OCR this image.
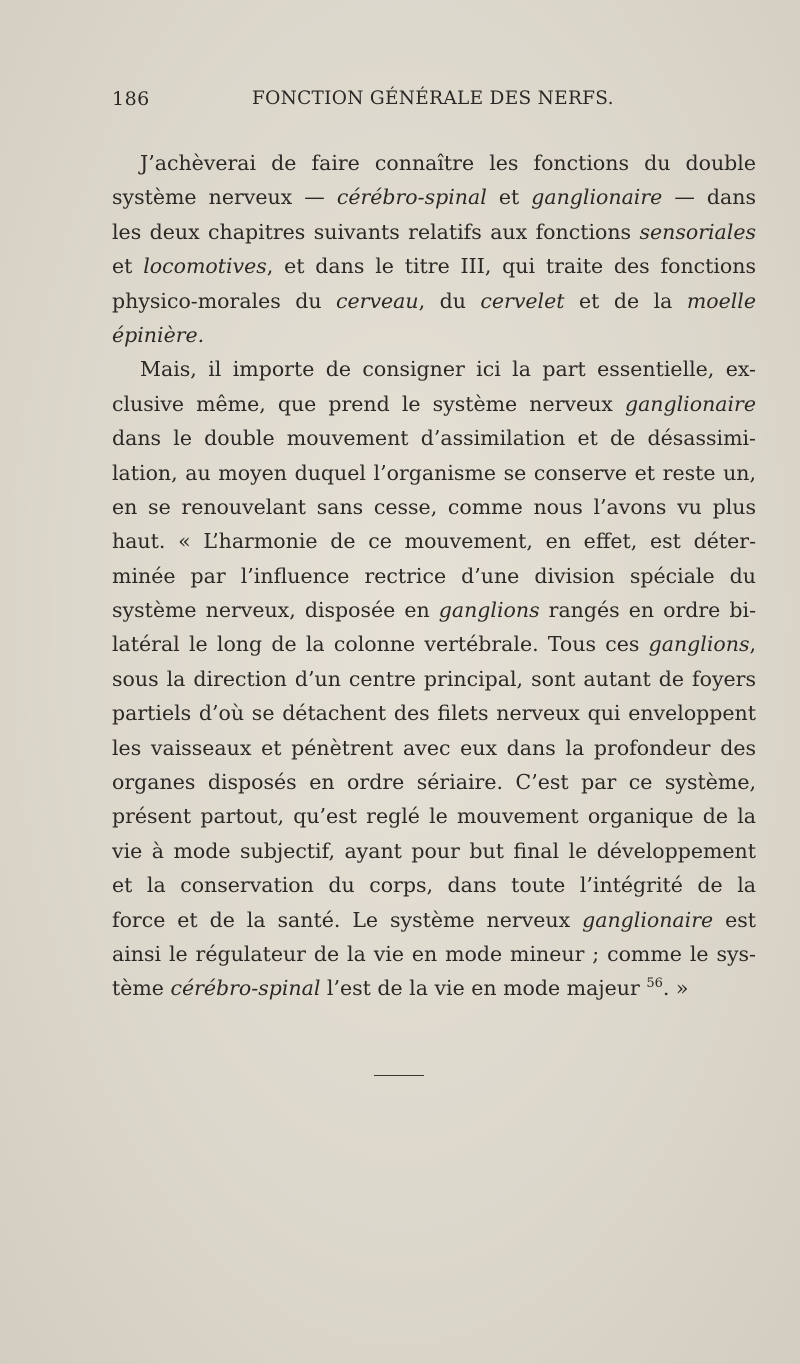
186	FONCTION GÉNÉRALE DES NERFS.
J’achèverai de faire connaître les fonctions du double
système nerveux — cérébro-spinal et ganglionaire — dans
les deux chapitres suivants relatifs aux fonctions sensoriales
et locomotives, et dans le titre III, qui traite des fonctions
physico-morales du cerveau, du cervelet et de la moelle
épinière.
Mais, il importe de consigner ici la part essentielle, ex-
clusive même, que prend le système nerveux ganglionaire
dans le double mouvement d’assimilation et de désassimi-
lation, au moyen duquel l’organisme se conserve et reste un,
en se renouvelant sans cesse, comme nous l’avons vu plus
haut. « L’harmonie de ce mouvement, en effet, est déter-
minée par l’influence rectrice d’une division spéciale du
système nerveux, disposée en ganglions rangés en ordre bi-
latéral le long de la colonne vertébrale. Tous ces ganglions,
sous la direction d’un centre principal, sont autant de foyers
partiels d’où se détachent des filets nerveux qui enveloppent
les vaisseaux et pénètrent avec eux dans la profondeur des
organes disposés en ordre sériaire. C’est par ce système,
présent partout, qu’est reglé le mouvement organique de la
vie à mode subjectif, ayant pour but final le développement
et la conservation du corps, dans toute l’intégrité de la
force et de la santé. Le système nerveux ganglionaire est
ainsi le régulateur de la vie en mode mineur ; comme le sys-
tème cérébro-spinal l’est de la vie en mode majeur $^{56}$. »
